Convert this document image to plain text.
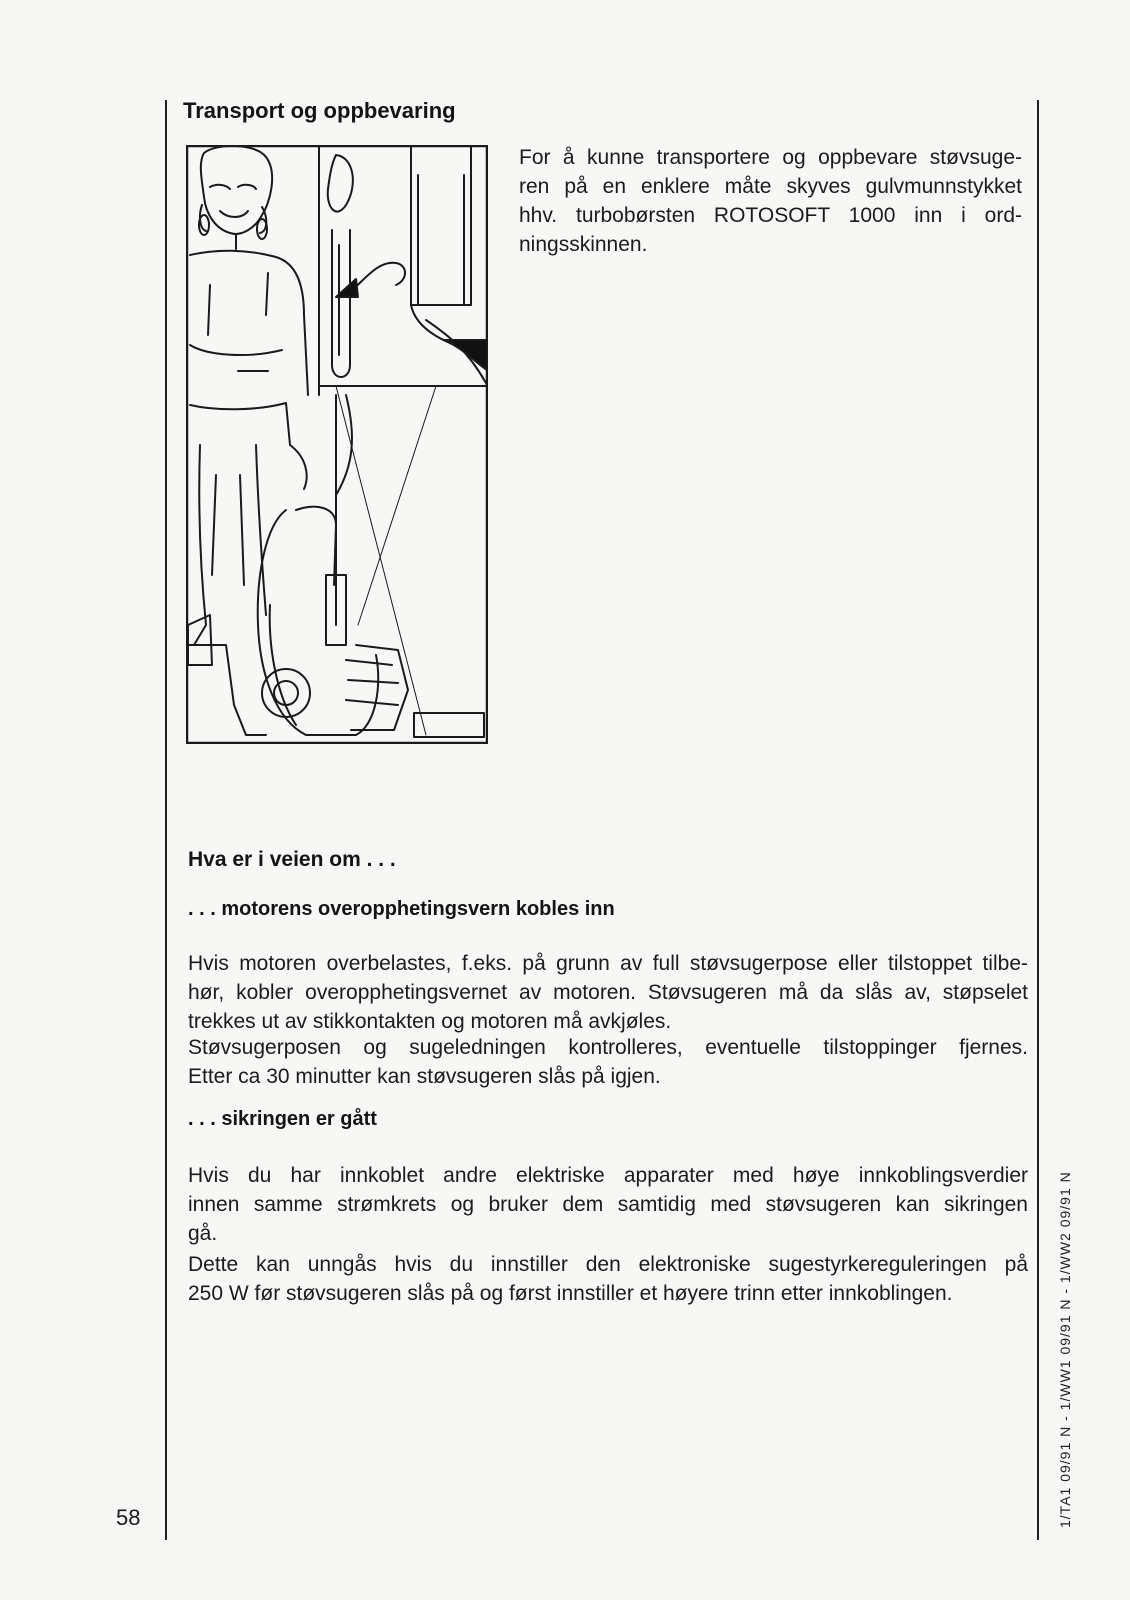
Transport og oppbevaring

For å kunne transportere og oppbevare støvsuge-
ren på en enklere måte skyves gulvmunnstykket
hhv. turbobørsten ROTOSOFT 1000 inn i ord-
ningsskinnen.

Hva er i veien om . . .
. . . motorens overopphetingsvern kobles inn

Hvis motoren overbelastes, f.eks. på grunn av full støvsugerpose eller tilstoppet tilbe-
hør, kobler overopphetingsvernet av motoren. Støvsugeren må da slås av, støpselet
trekkes ut av stikkontakten og motoren må avkjøles.

Støvsugerposen og sugeledningen kontrolleres, eventuelle tilstoppinger fjernes.
Etter ca 30 minutter kan støvsugeren slås på igjen.

. . . sikringen er gått

Hvis du har innkoblet andre elektriske apparater med høye innkoblingsverdier
innen samme strømkrets og bruker dem samtidig med støvsugeren kan sikringen
gå.

Dette kan unngås hvis du innstiller den elektroniske sugestyrkereguleringen på
250 W før støvsugeren slås på og først innstiller et høyere trinn etter innkoblingen.

58	1/TA1 09/91 N - 1/WW1 09/91 N - 1/WW2 09/91 N
